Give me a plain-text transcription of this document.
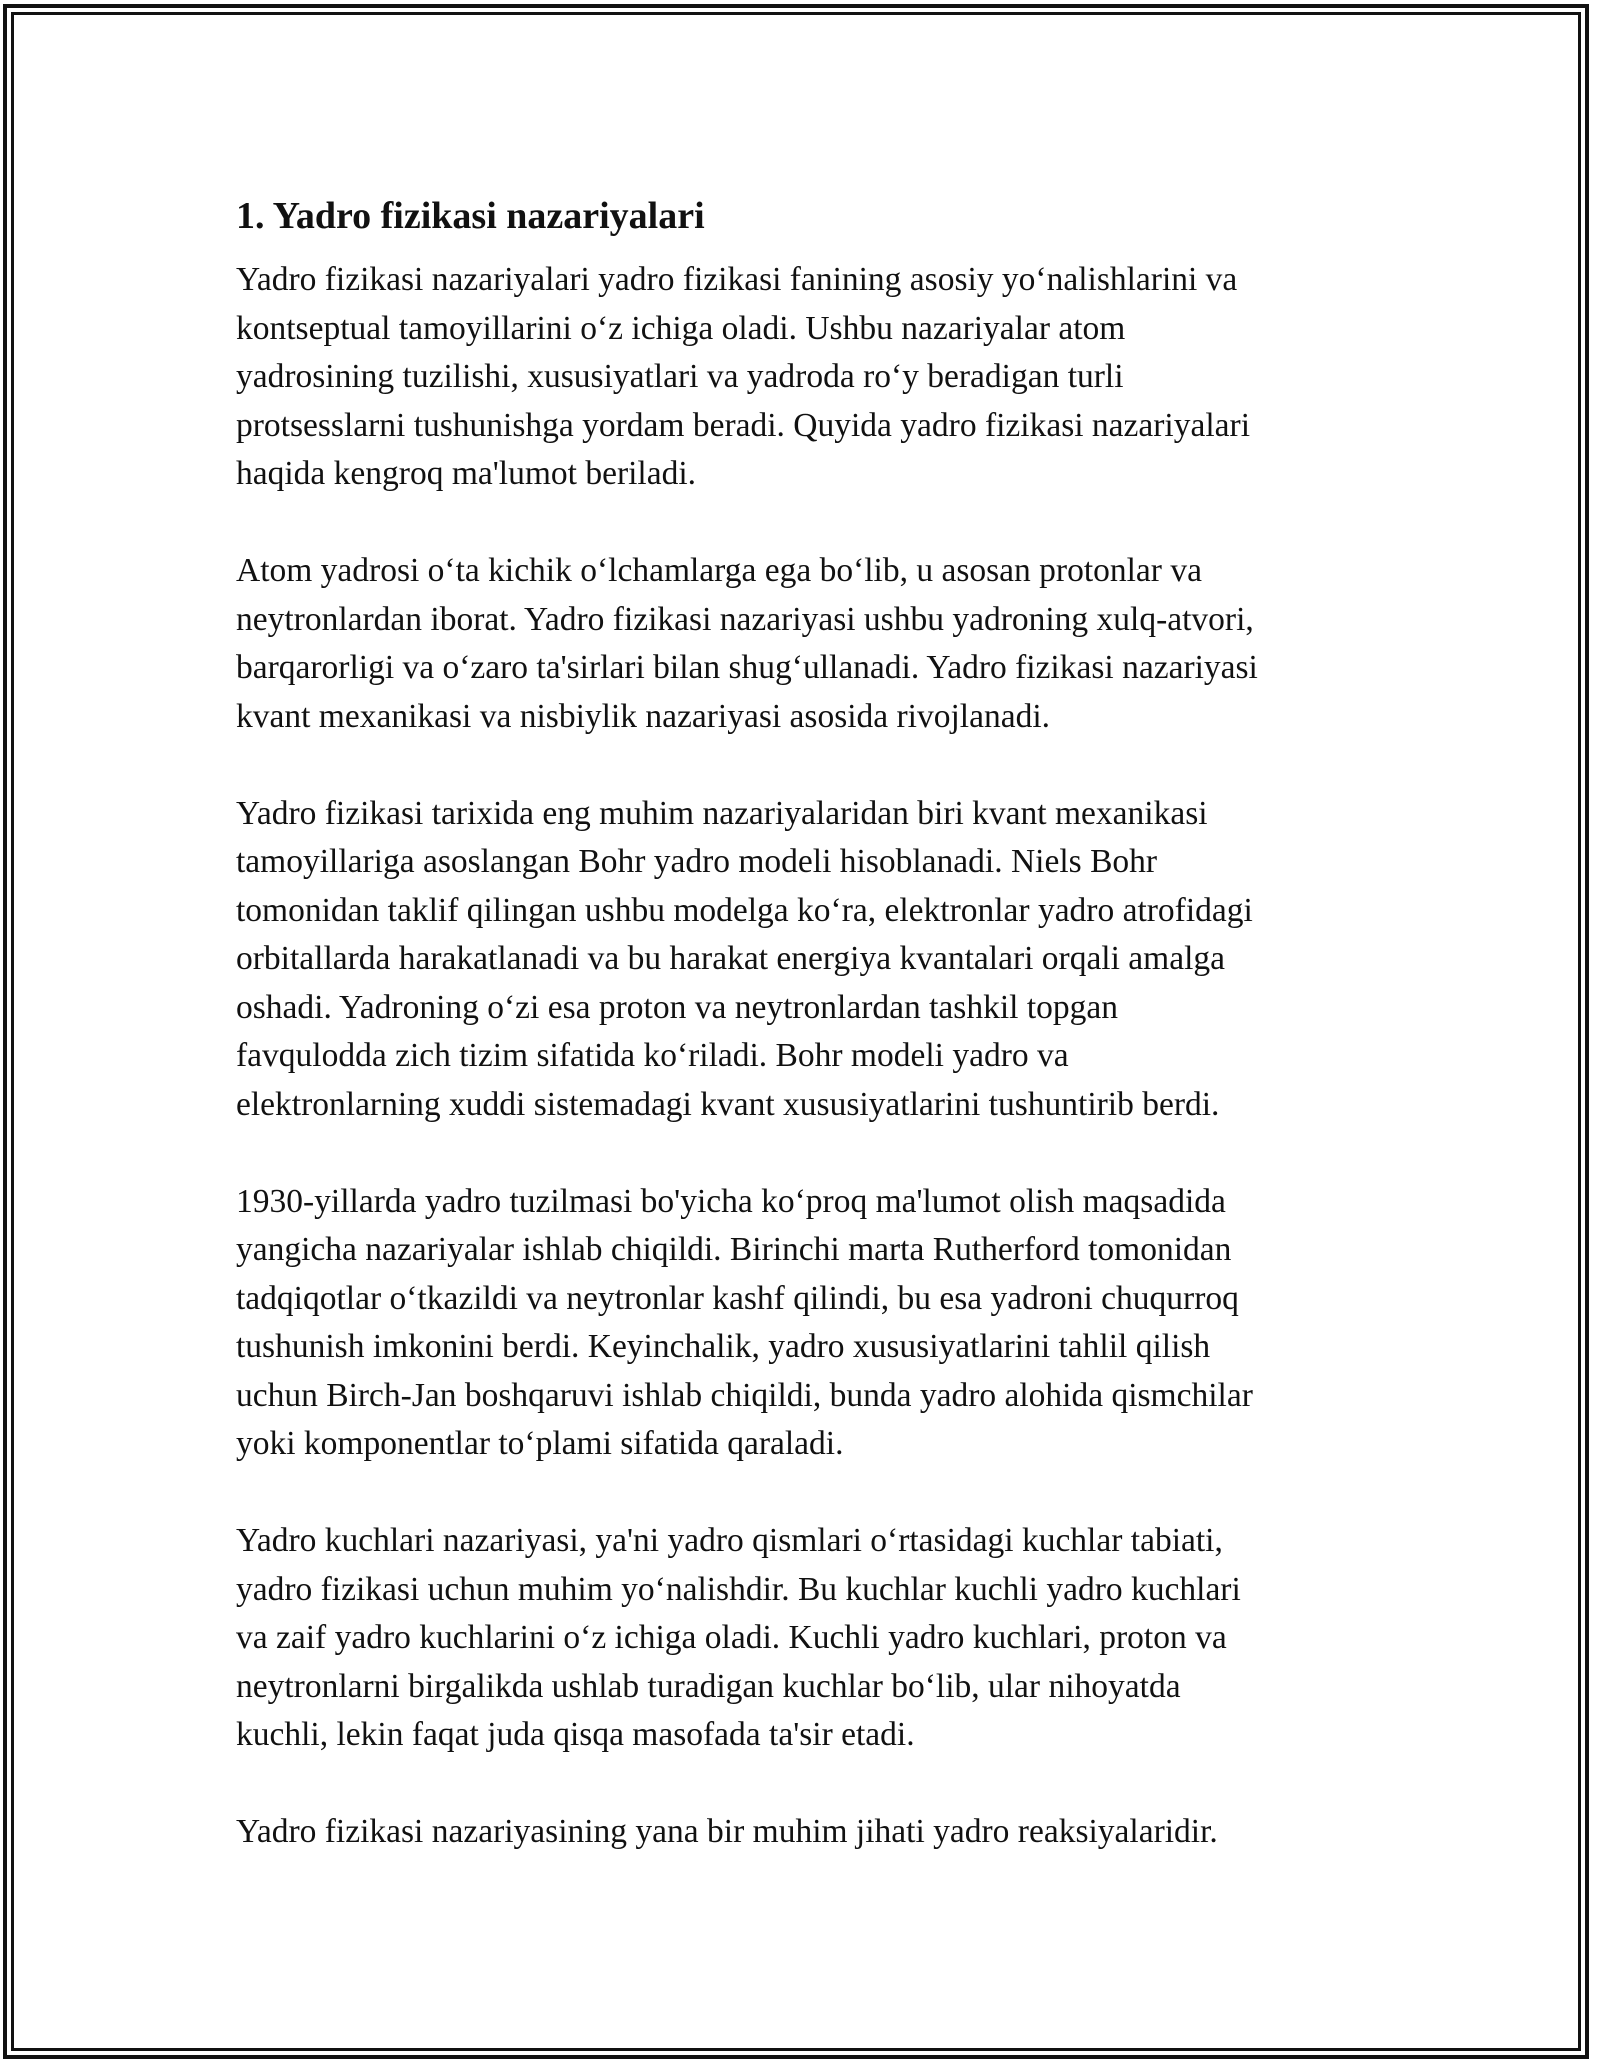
1. Yadro fizikasi nazariyalari

Yadro fizikasi nazariyalari yadro fizikasi fanining asosiy yo‘nalishlarini va
kontseptual tamoyillarini o‘z ichiga oladi. Ushbu nazariyalar atom
yadrosining tuzilishi, xususiyatlari va yadroda ro‘y beradigan turli
protsesslarni tushunishga yordam beradi. Quyida yadro fizikasi nazariyalari
haqida kengroq ma'lumot beriladi.

Atom yadrosi o‘ta kichik o‘lchamlarga ega bo‘lib, u asosan protonlar va
neytronlardan iborat. Yadro fizikasi nazariyasi ushbu yadroning xulq-atvori,
barqarorligi va o‘zaro ta'sirlari bilan shug‘ullanadi. Yadro fizikasi nazariyasi
kvant mexanikasi va nisbiylik nazariyasi asosida rivojlanadi.

Yadro fizikasi tarixida eng muhim nazariyalaridan biri kvant mexanikasi
tamoyillariga asoslangan Bohr yadro modeli hisoblanadi. Niels Bohr
tomonidan taklif qilingan ushbu modelga ko‘ra, elektronlar yadro atrofidagi
orbitallarda harakatlanadi va bu harakat energiya kvantalari orqali amalga
oshadi. Yadroning o‘zi esa proton va neytronlardan tashkil topgan
favqulodda zich tizim sifatida ko‘riladi. Bohr modeli yadro va
elektronlarning xuddi sistemadagi kvant xususiyatlarini tushuntirib berdi.

1930-yillarda yadro tuzilmasi bo'yicha ko‘proq ma'lumot olish maqsadida
yangicha nazariyalar ishlab chiqildi. Birinchi marta Rutherford tomonidan
tadqiqotlar o‘tkazildi va neytronlar kashf qilindi, bu esa yadroni chuqurroq
tushunish imkonini berdi. Keyinchalik, yadro xususiyatlarini tahlil qilish
uchun Birch-Jan boshqaruvi ishlab chiqildi, bunda yadro alohida qismchilar
yoki komponentlar to‘plami sifatida qaraladi.

Yadro kuchlari nazariyasi, ya'ni yadro qismlari o‘rtasidagi kuchlar tabiati,
yadro fizikasi uchun muhim yo‘nalishdir. Bu kuchlar kuchli yadro kuchlari
va zaif yadro kuchlarini o‘z ichiga oladi. Kuchli yadro kuchlari, proton va
neytronlarni birgalikda ushlab turadigan kuchlar bo‘lib, ular nihoyatda
kuchli, lekin faqat juda qisqa masofada ta'sir etadi.

Yadro fizikasi nazariyasining yana bir muhim jihati yadro reaksiyalaridir.
